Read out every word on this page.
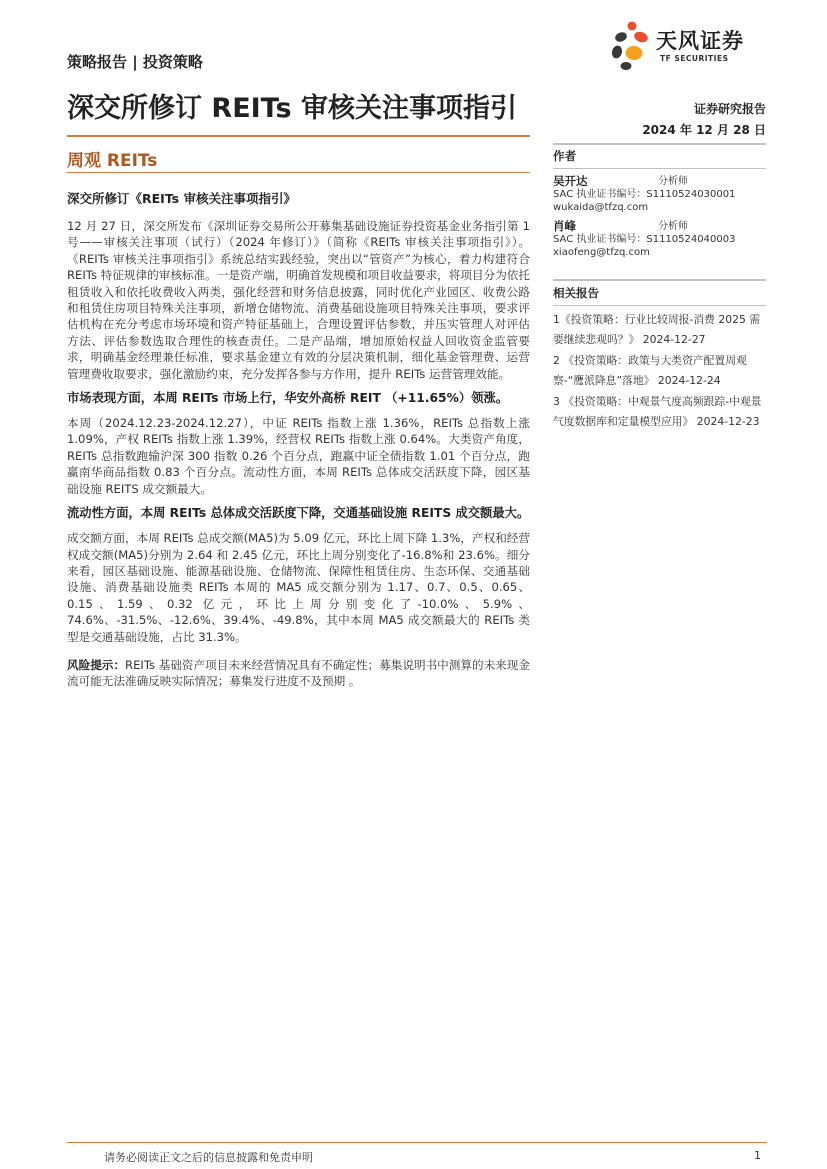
策略报告 | 投资策略
天风证券
TF SECURITIES
深交所修订 REITs 审核关注事项指引	证券研究报告
2024 年 12 月 28 日
周观 REITs
深交所修订《REITs 审核关注事项指引》

12 月 27 日，深交所发布《深圳证券交易所公开募集基础设施证券投资基金业务指引第 1 号——审核关注事项（试行）（2024 年修订）》（简称《REITs 审核关注事项指引》）。《REITs 审核关注事项指引》系统总结实践经验，突出以“管资产”为核心，着力构建符合 REITs 特征规律的审核标准。一是资产端，明确首发规模和项目收益要求，将项目分为依托租赁收入和依托收费收入两类，强化经营和财务信息披露，同时优化产业园区、收费公路和租赁住房项目特殊关注事项，新增仓储物流、消费基础设施项目特殊关注事项，要求评估机构在充分考虑市场环境和资产特征基础上，合理设置评估参数，并压实管理人对评估方法、评估参数选取合理性的核查责任。二是产品端，增加原始权益人回收资金监管要求，明确基金经理兼任标准，要求基金建立有效的分层决策机制，细化基金管理费、运营管理费收取要求，强化激励约束，充分发挥各参与方作用，提升 REITs 运营管理效能。

市场表现方面，本周 REITs 市场上行，华安外高桥 REIT （+11.65%）领涨。

本周（2024.12.23-2024.12.27），中证 REITs 指数上涨 1.36%，REITs 总指数上涨 1.09%，产权 REITs 指数上涨 1.39%，经营权 REITs 指数上涨 0.64%。大类资产角度，REITs 总指数跑输沪深 300 指数 0.26 个百分点，跑赢中证全债指数 1.01 个百分点，跑赢南华商品指数 0.83 个百分点。流动性方面，本周 REITs 总体成交活跃度下降，园区基础设施 REITS 成交额最大。

流动性方面，本周 REITs 总体成交活跃度下降，交通基础设施 REITS 成交额最大。

成交额方面，本周 REITs 总成交额(MA5)为 5.09 亿元，环比上周下降 1.3%，产权和经营权成交额(MA5)分别为 2.64 和 2.45 亿元，环比上周分别变化了-16.8%和 23.6%。细分来看，园区基础设施、能源基础设施、仓储物流、保障性租赁住房、生态环保、交通基础设施、消费基础设施类 REITs 本周的 MA5 成交额分别为 1.17、0.7、0.5、0.65、0.15、1.59、0.32 亿元，环比上周分别变化了-10.0%、5.9%、74.6%、-31.5%、-12.6%、39.4%、-49.8%，其中本周 MA5 成交额最大的 REITs 类型是交通基础设施，占比 31.3%。

风险提示：REITs 基础资产项目未来经营情况具有不确定性；募集说明书中测算的未来现金流可能无法准确反映实际情况；募集发行进度不及预期 。

作者
吴开达	分析师
SAC 执业证书编号：S1110524030001
wukaida@tfzq.com
肖峰	分析师
SAC 执业证书编号：S1110524040003
xiaofeng@tfzq.com
相关报告
1《投资策略：行业比较周报-消费 2025 需要继续悲观吗？》 2024-12-27
2 《投资策略：政策与大类资产配置周观察-“鹰派降息”落地》 2024-12-24
3 《投资策略：中观景气度高频跟踪-中观景气度数据库和定量模型应用》 2024-12-23
请务必阅读正文之后的信息披露和免责申明	1
